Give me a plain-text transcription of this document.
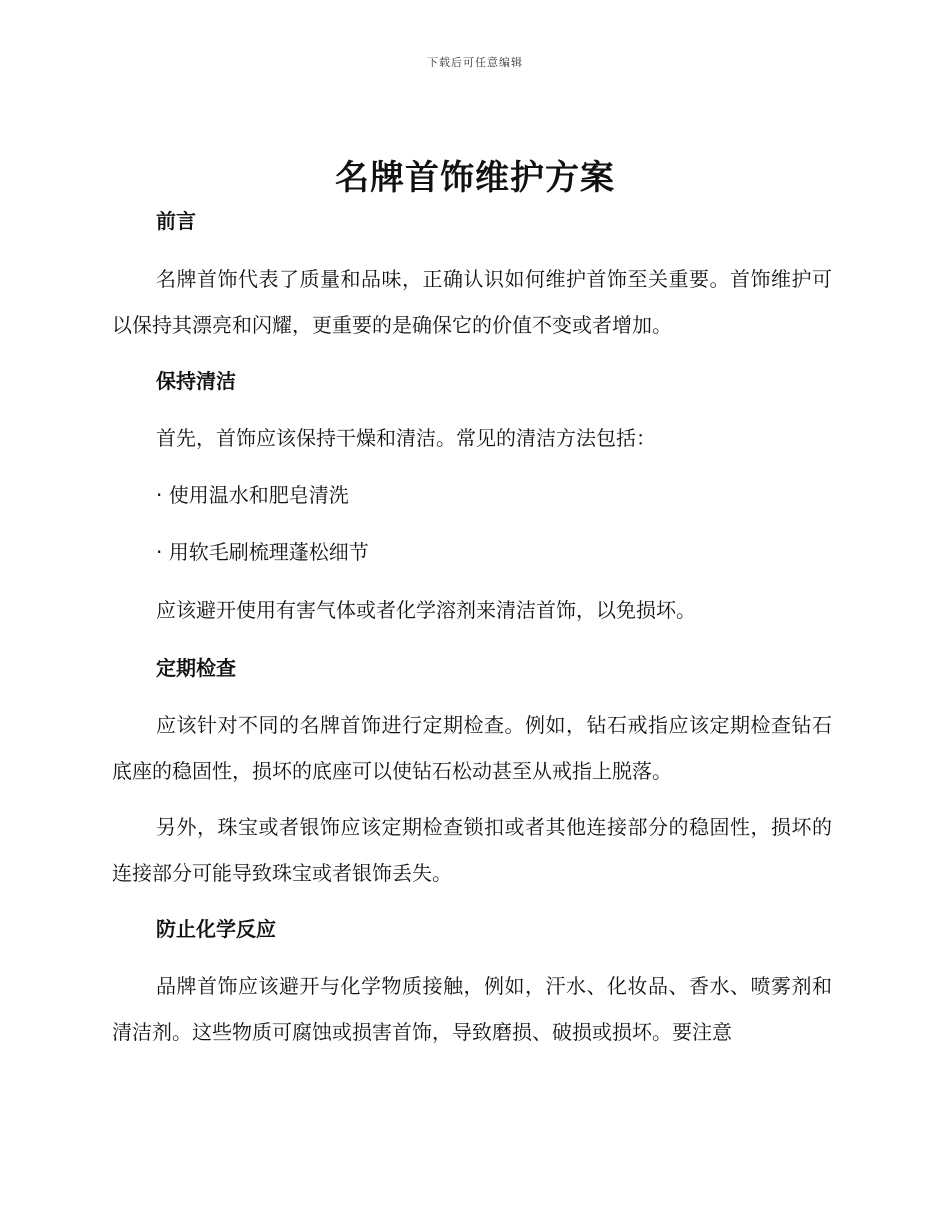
下载后可任意编辑
名牌首饰维护方案
前言
名牌首饰代表了质量和品味，正确认识如何维护首饰至关重要。首饰维护可以保持其漂亮和闪耀，更重要的是确保它的价值不变或者增加。
保持清洁
首先，首饰应该保持干燥和清洁。常见的清洁方法包括：
· 使用温水和肥皂清洗
· 用软毛刷梳理蓬松细节
应该避开使用有害气体或者化学溶剂来清洁首饰，以免损坏。
定期检查
应该针对不同的名牌首饰进行定期检查。例如，钻石戒指应该定期检查钻石底座的稳固性，损坏的底座可以使钻石松动甚至从戒指上脱落。
另外，珠宝或者银饰应该定期检查锁扣或者其他连接部分的稳固性，损坏的连接部分可能导致珠宝或者银饰丢失。
防止化学反应
品牌首饰应该避开与化学物质接触，例如，汗水、化妆品、香水、喷雾剂和清洁剂。这些物质可腐蚀或损害首饰，导致磨损、破损或损坏。要注意
